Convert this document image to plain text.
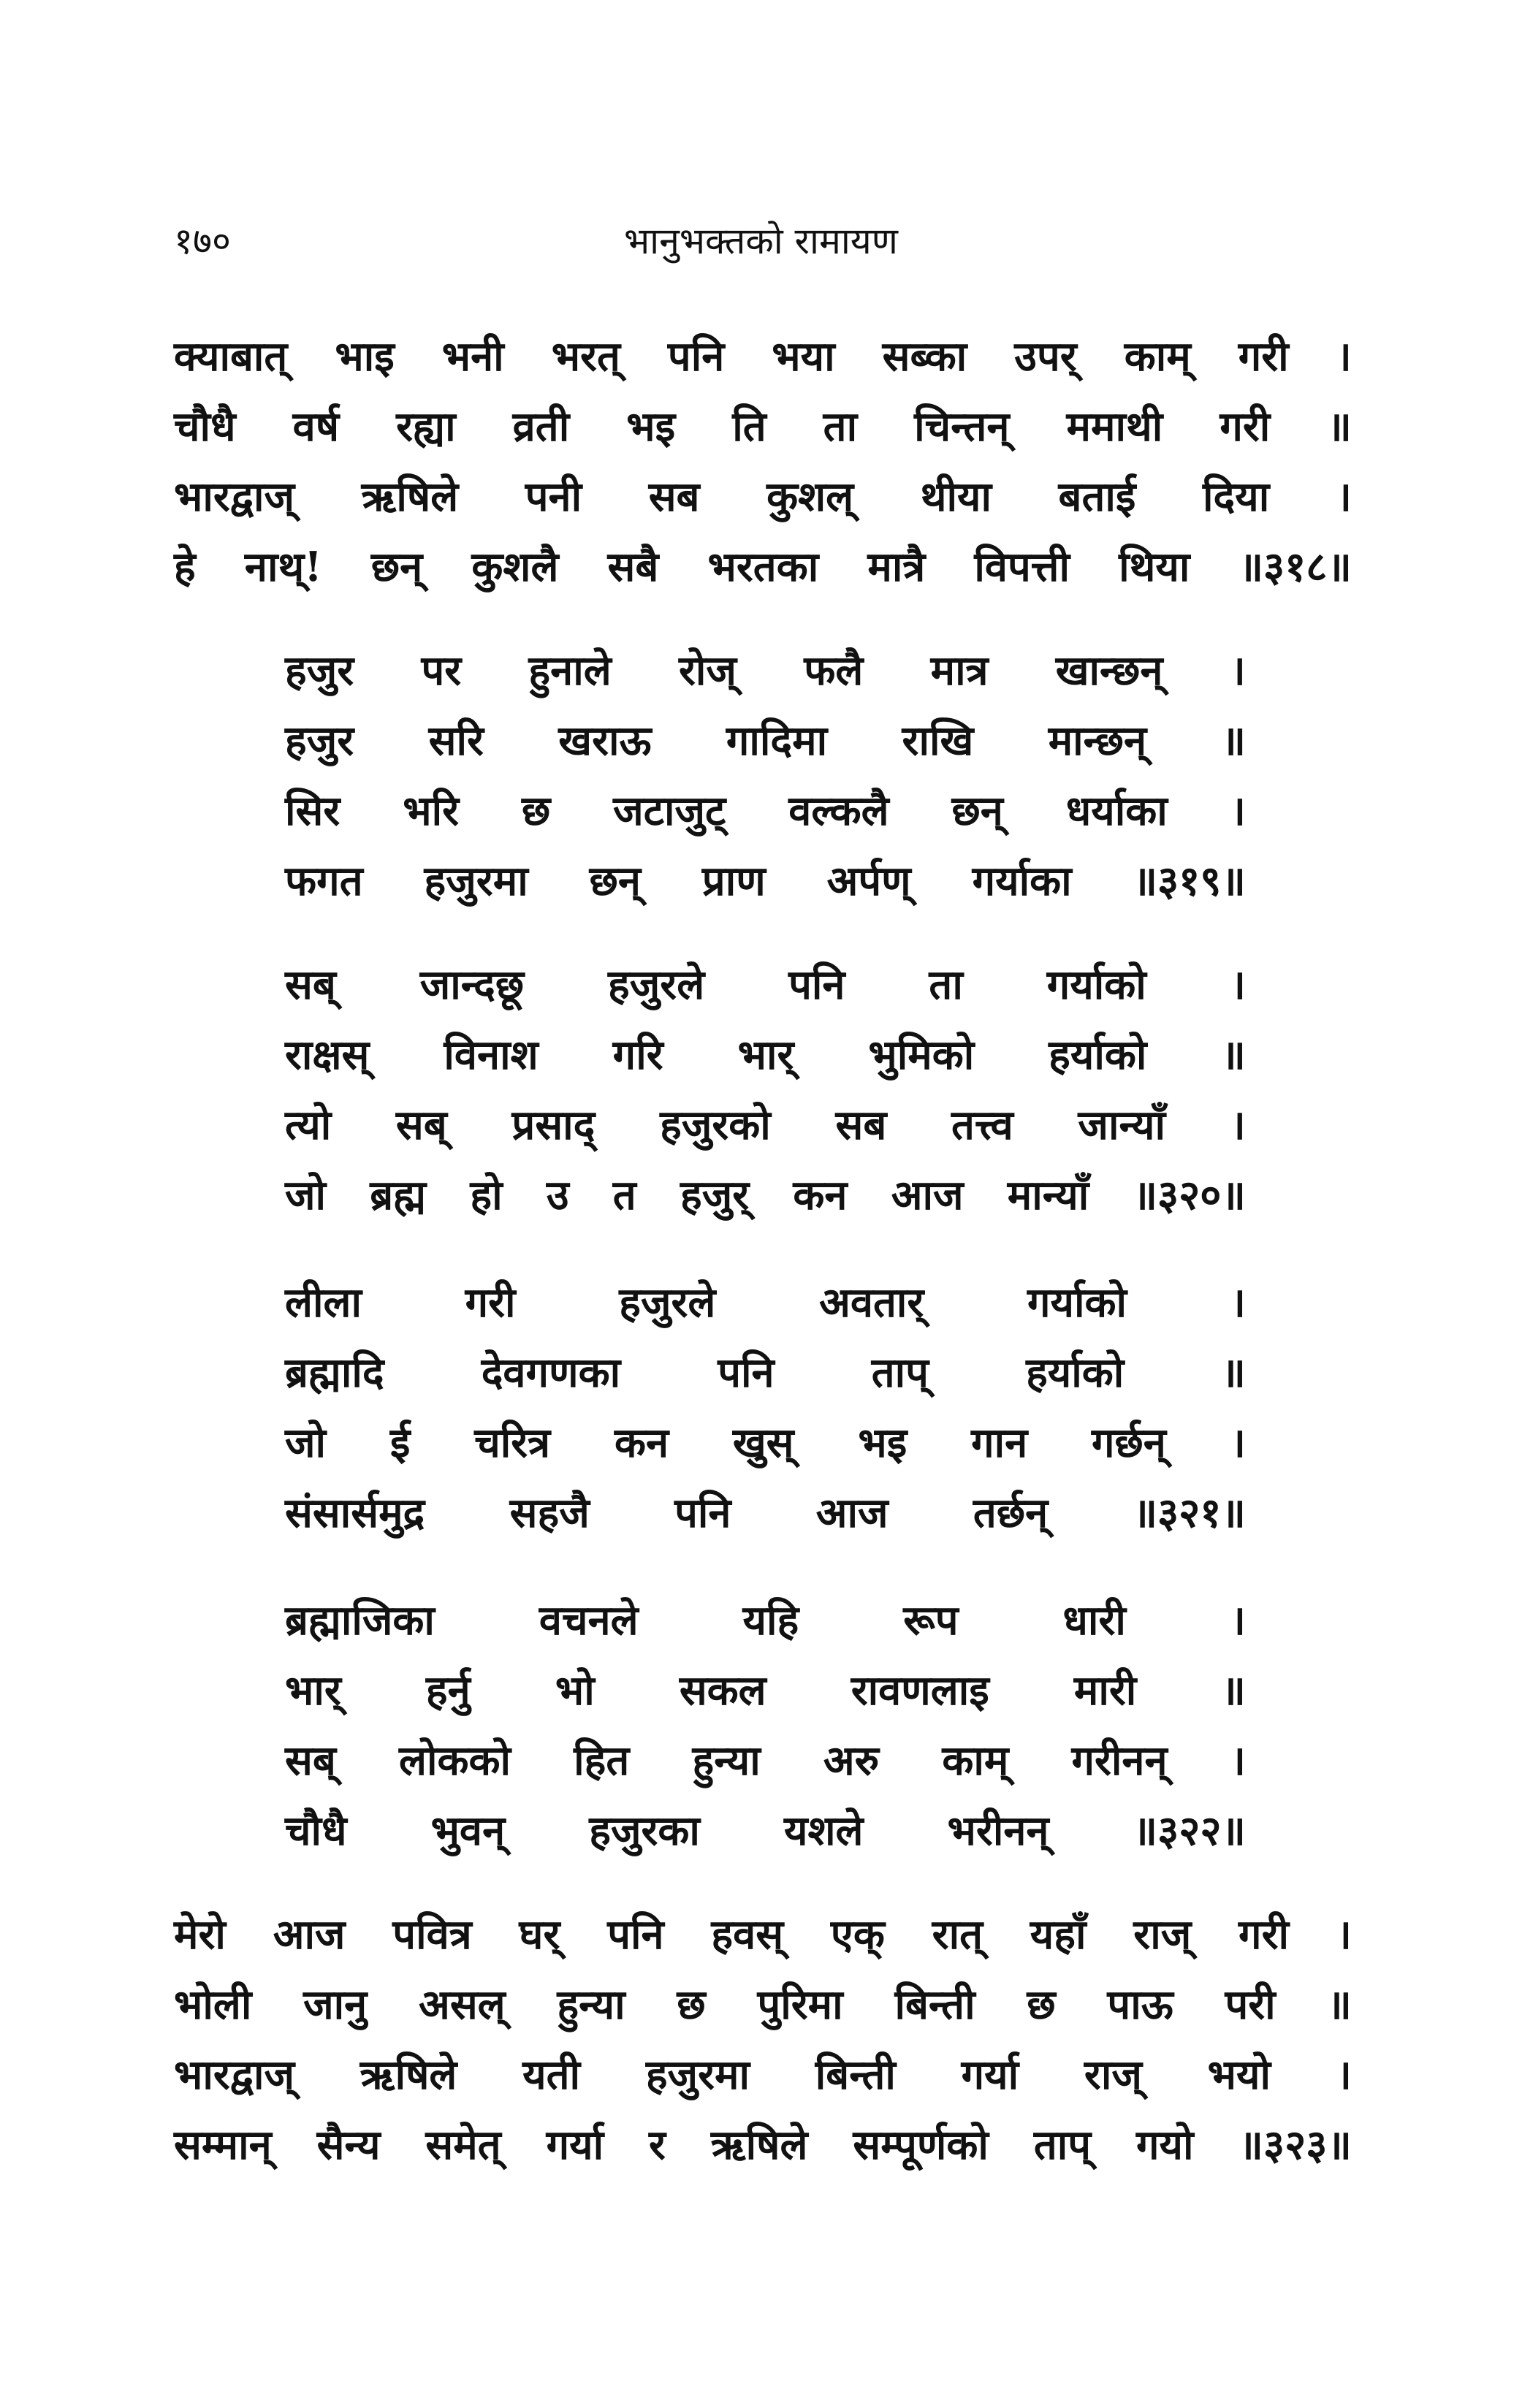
१७०	भानुभक्तको रामायण
क्याबात् भाइ भनी भरत् पनि भया सब्का उपर् काम् गरी ।
चौधै वर्ष रह्या व्रती भइ ति ता चिन्तन् ममाथी गरी ॥
भारद्वाज् ऋषिले पनी सब कुशल् थीया बताई दिया ।
हे नाथ्! छन् कुशलै सबै भरतका मात्रै विपत्ती थिया ॥३१८॥
हजुर पर हुनाले रोज् फलै मात्र खान्छन् ।
हजुर सरि खराऊ गादिमा राखि मान्छन् ॥
सिर भरि छ जटाजुट् वल्कलै छन् धर्याका ।
फगत हजुरमा छन् प्राण अर्पण् गर्याका ॥३१९॥
सब् जान्दछू हजुरले पनि ता गर्याको ।
राक्षस् विनाश गरि भार् भुमिको हर्याको ॥
त्यो सब् प्रसाद् हजुरको सब तत्त्व जान्याँ ।
जो ब्रह्म हो उ त हजुर् कन आज मान्याँ ॥३२०॥
लीला	गरी	हजुरले	अवतार्	गर्याको	।
ब्रह्मादि देवगणका पनि ताप् हर्याको ॥
जो ई चरित्र कन खुस् भइ गान गर्छन् ।
संसार्समुद्र सहजै पनि आज तर्छन् ॥३२१॥
ब्रह्माजिका	वचनले	यहि	रूप	धारी	।
भार् हर्नु भो सकल रावणलाइ मारी ॥
सब् लोकको हित हुन्या अरु काम् गरीनन् ।
चौधै भुवन् हजुरका यशले भरीनन् ॥३२२॥
मेरो आज पवित्र घर् पनि हवस् एक् रात् यहाँ राज् गरी ।
भोली जानु असल् हुन्या छ पुरिमा बिन्ती छ पाऊ परी ॥
भारद्वाज् ऋषिले यती हजुरमा बिन्ती गर्या राज् भयो ।
सम्मान् सैन्य समेत् गर्या र ऋषिले सम्पूर्णको ताप् गयो ॥३२३॥
